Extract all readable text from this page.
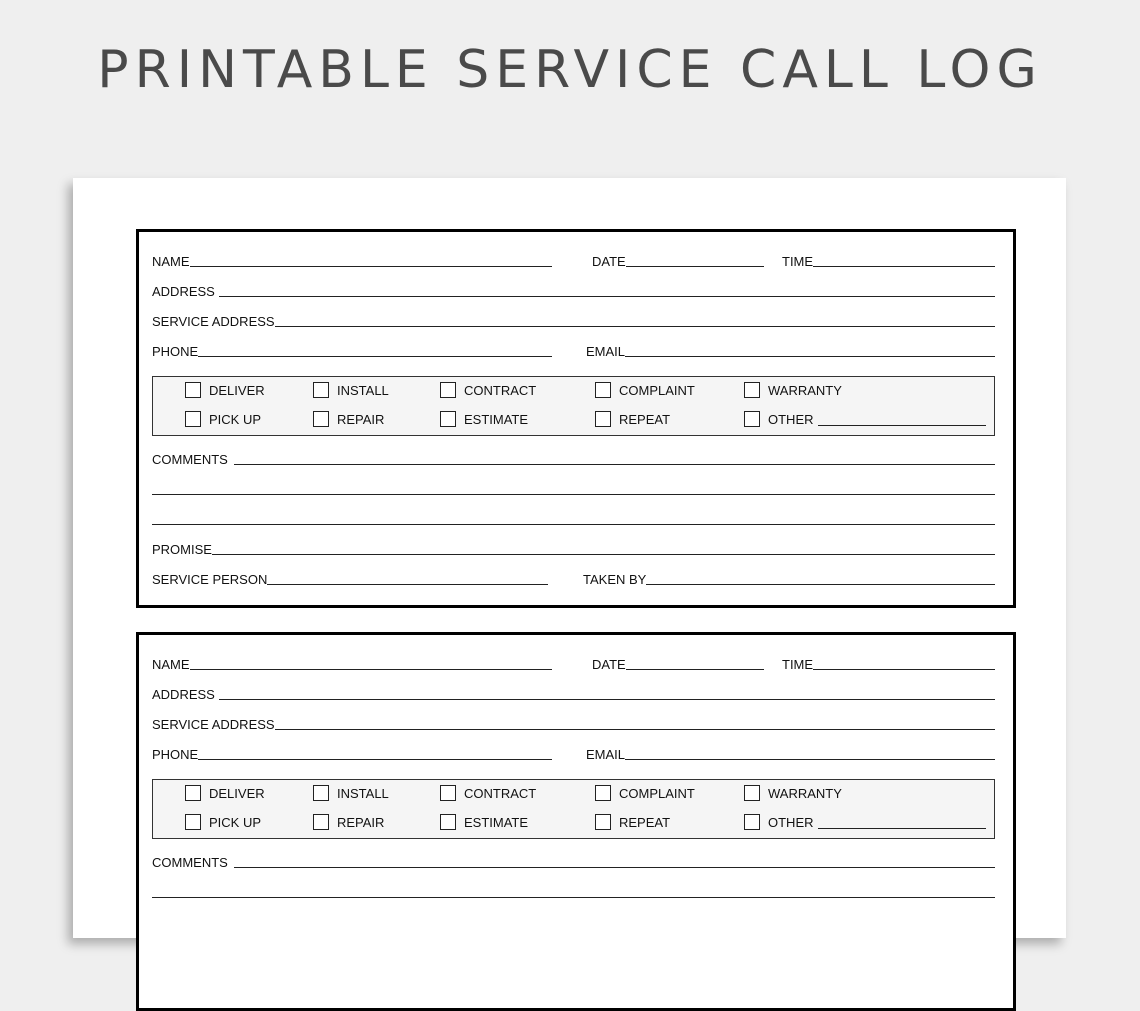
PRINTABLE SERVICE CALL LOG
NAME	DATE	TIME
ADDRESS
SERVICE ADDRESS
PHONE	EMAIL
DELIVER	INSTALL	CONTRACT	COMPLAINT	WARRANTY
PICK UP	REPAIR	ESTIMATE	REPEAT	OTHER
COMMENTS
PROMISE
SERVICE PERSON	TAKEN BY
NAME	DATE	TIME
ADDRESS
SERVICE ADDRESS
PHONE	EMAIL
DELIVER	INSTALL	CONTRACT	COMPLAINT	WARRANTY
PICK UP	REPAIR	ESTIMATE	REPEAT	OTHER
COMMENTS
